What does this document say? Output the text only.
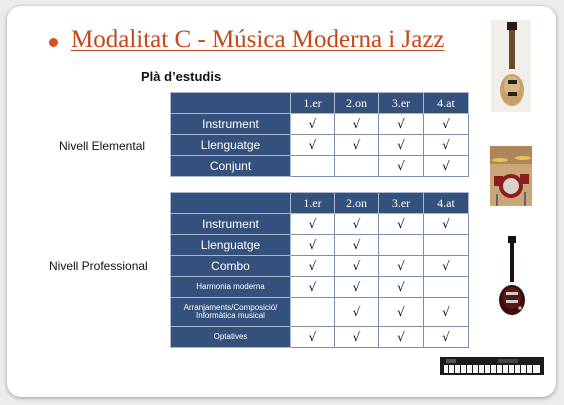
Modalitat C - Música Moderna i Jazz
Plà d’estudis
Nivell Elemental
Nivell Professional
	1.er	2.on	3.er	4.at
Instrument	√	√	√	√
Llenguatge	√	√	√	√
Conjunt			√	√
	1.er	2.on	3.er	4.at
Instrument	√	√	√	√
Llenguatge	√	√		
Combo	√	√	√	√
Harmonia moderna	√	√	√	
Arranjaments/Composició/ Informàtica musical		√	√	√
Optatives	√	√	√	√
